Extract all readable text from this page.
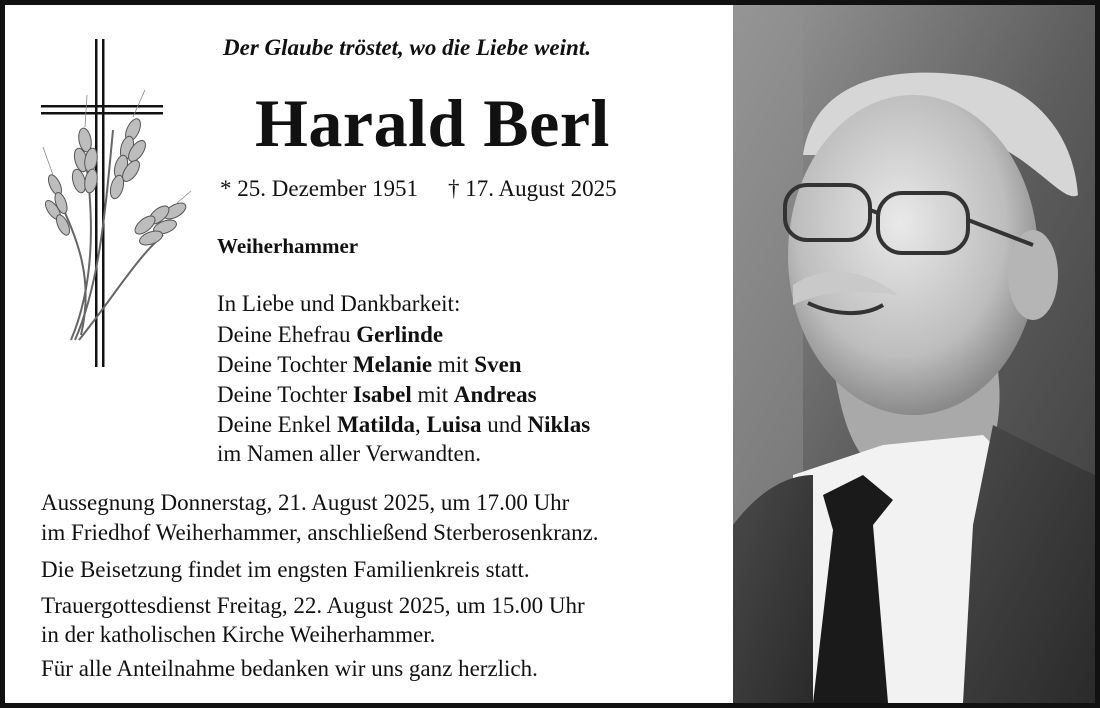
Der Glaube tröstet, wo die Liebe weint.

Harald Berl

* 25. Dezember 1951 † 17. August 2025

Weiherhammer

In Liebe und Dankbarkeit:

Deine Ehefrau Gerlinde

Deine Tochter Melanie mit Sven

Deine Tochter Isabel mit Andreas

Deine Enkel Matilda, Luisa und Niklas

im Namen aller Verwandten.

Aussegnung Donnerstag, 21. August 2025, um 17.00 Uhr

im Friedhof Weiherhammer, anschließend Sterberosenkranz.

Die Beisetzung findet im engsten Familienkreis statt.

Trauergottesdienst Freitag, 22. August 2025, um 15.00 Uhr

in der katholischen Kirche Weiherhammer.

Für alle Anteilnahme bedanken wir uns ganz herzlich.
